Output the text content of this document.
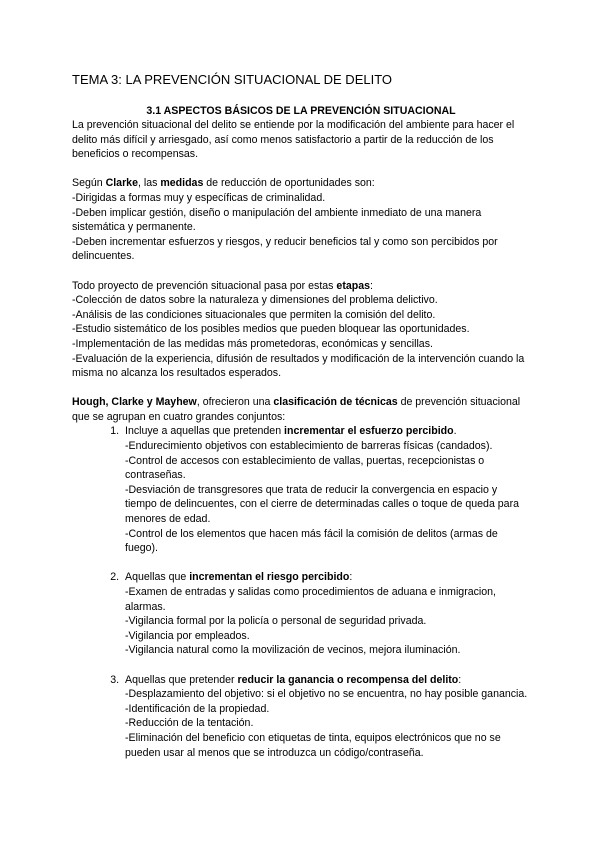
TEMA 3: LA PREVENCIÓN SITUACIONAL DE DELITO
3.1 ASPECTOS BÁSICOS DE LA PREVENCIÓN SITUACIONAL

La prevención situacional del delito se entiende por la modificación del ambiente para hacer el delito más difícil y arriesgado, así como menos satisfactorio a partir de la reducción de los beneficios o recompensas.

Según Clarke, las medidas de reducción de oportunidades son:

-Dirigidas a formas muy y específicas de criminalidad.
-Deben implicar gestión, diseño o manipulación del ambiente inmediato de una manera sistemática y permanente.
-Deben incrementar esfuerzos y riesgos, y reducir beneficios tal y como son percibidos por delincuentes.

Todo proyecto de prevención situacional pasa por estas etapas:

-Colección de datos sobre la naturaleza y dimensiones del problema delictivo.
-Análisis de las condiciones situacionales que permiten la comisión del delito.
-Estudio sistemático de los posibles medios que pueden bloquear las oportunidades.
-Implementación de las medidas más prometedoras, económicas y sencillas.
-Evaluación de la experiencia, difusión de resultados y modificación de la intervención cuando la misma no alcanza los resultados esperados.

Hough, Clarke y Mayhew, ofrecieron una clasificación de técnicas de prevención situacional que se agrupan en cuatro grandes conjuntos:

1. Incluye a aquellas que pretenden incrementar el esfuerzo percibido.
-Endurecimiento objetivos con establecimiento de barreras físicas (candados).
-Control de accesos con establecimiento de vallas, puertas, recepcionistas o contraseñas.
-Desviación de transgresores que trata de reducir la convergencia en espacio y tiempo de delincuentes, con el cierre de determinadas calles o toque de queda para menores de edad.
-Control de los elementos que hacen más fácil la comisión de delitos (armas de fuego).
2. Aquellas que incrementan el riesgo percibido:
-Examen de entradas y salidas como procedimientos de aduana e inmigracion, alarmas.
-Vigilancia formal por la policía o personal de seguridad privada.
-Vigilancia por empleados.
-Vigilancia natural como la movilización de vecinos, mejora iluminación.
3. Aquellas que pretender reducir la ganancia o recompensa del delito:
-Desplazamiento del objetivo: si el objetivo no se encuentra, no hay posible ganancia.
-Identificación de la propiedad.
-Reducción de la tentación.
-Eliminación del beneficio con etiquetas de tinta, equipos electrónicos que no se pueden usar al menos que se introduzca un código/contraseña.
